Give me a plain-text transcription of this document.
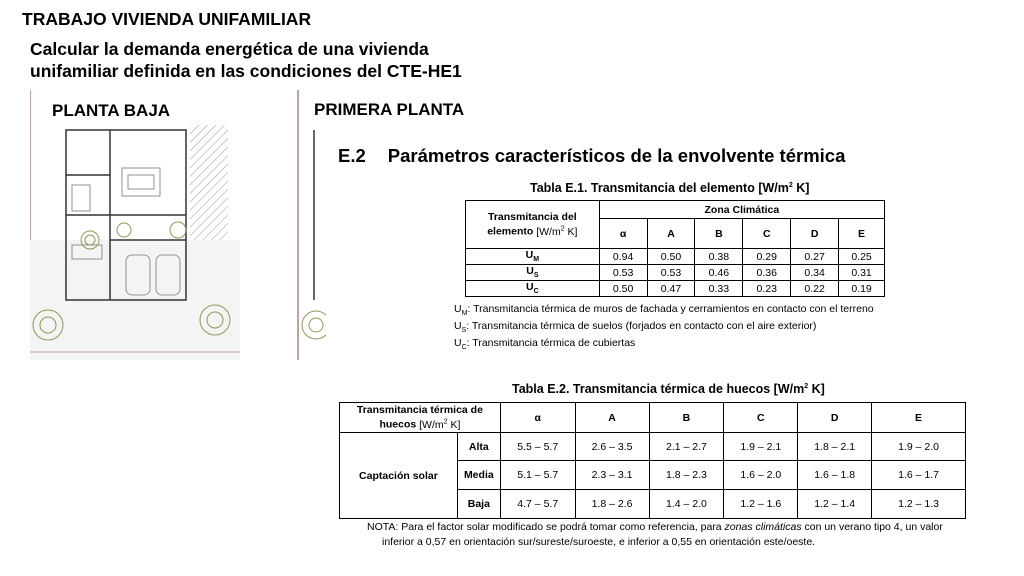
TRABAJO VIVIENDA UNIFAMILIAR
Calcular la demanda energética de una vivienda
unifamiliar definida en las condiciones del CTE-HE1
PLANTA BAJA	PRIMERA PLANTA
E.2 Parámetros característicos de la envolvente térmica
Tabla E.1. Transmitancia del elemento [$W/m^2$ K]
Transmitancia del
elemento [$W/m^2$ K]	Zona Climática					
	α	A	B	C	D	E
$U_M$	0.94	0.50	0.38	0.29	0.27	0.25
$U_S$	0.53	0.53	0.46	0.36	0.34	0.31
$U_C$	0.50	0.47	0.33	0.23	0.22	0.19
$U_M$: Transmitancia térmica de muros de fachada y cerramientos en contacto con el terreno
$U_S$: Transmitancia térmica de suelos (forjados en contacto con el aire exterior)
$U_C$: Transmitancia térmica de cubiertas
Tabla E.2. Transmitancia térmica de huecos [$W/m^2$ K]
Transmitancia térmica de
huecos [$W/m^2$ K]		α	A	B	C	D	E
Captación solar	Alta	5.5 – 5.7	2.6 – 3.5	2.1 – 2.7	1.9 – 2.1	1.8 – 2.1	1.9 – 2.0
	Media	5.1 – 5.7	2.3 – 3.1	1.8 – 2.3	1.6 – 2.0	1.6 – 1.8	1.6 – 1.7
	Baja	4.7 – 5.7	1.8 – 2.6	1.4 – 2.0	1.2 – 1.6	1.2 – 1.4	1.2 – 1.3
NOTA: Para el factor solar modificado se podrá tomar como referencia, para zonas climáticas con un verano tipo 4, un valor
inferior a 0,57 en orientación sur/sureste/suroeste, e inferior a 0,55 en orientación este/oeste.
